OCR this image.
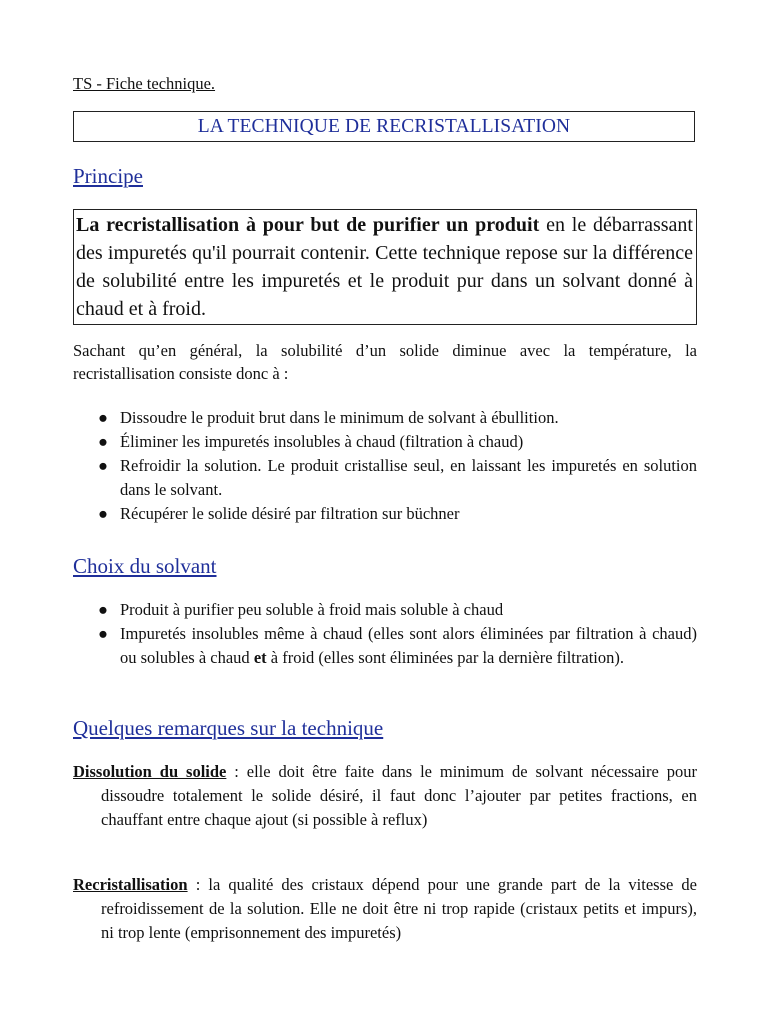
TS - Fiche technique.
LA TECHNIQUE DE RECRISTALLISATION
Principe
La recristallisation à pour but de purifier un produit en le débarrassant des impuretés qu'il pourrait contenir. Cette technique repose sur la différence de solubilité entre les impuretés et le produit pur dans un solvant donné à chaud et à froid.
Sachant qu’en général, la solubilité d’un solide diminue avec la température, la recristallisation consiste donc à :
● Dissoudre le produit brut dans le minimum de solvant à ébullition.
● Éliminer les impuretés insolubles à chaud (filtration à chaud)
● Refroidir la solution. Le produit cristallise seul, en laissant les impuretés en solution dans le solvant.
● Récupérer le solide désiré par filtration sur büchner
Choix du solvant
● Produit à purifier peu soluble à froid mais soluble à chaud
● Impuretés insolubles même à chaud (elles sont alors éliminées par filtration à chaud) ou solubles à chaud et à froid (elles sont éliminées par la dernière filtration).
Quelques remarques sur la technique
Dissolution du solide : elle doit être faite dans le minimum de solvant nécessaire pour dissoudre totalement le solide désiré, il faut donc l’ajouter par petites fractions, en chauffant entre chaque ajout (si possible à reflux)
Recristallisation : la qualité des cristaux dépend pour une grande part de la vitesse de refroidissement de la solution. Elle ne doit être ni trop rapide (cristaux petits et impurs), ni trop lente (emprisonnement des impuretés)
